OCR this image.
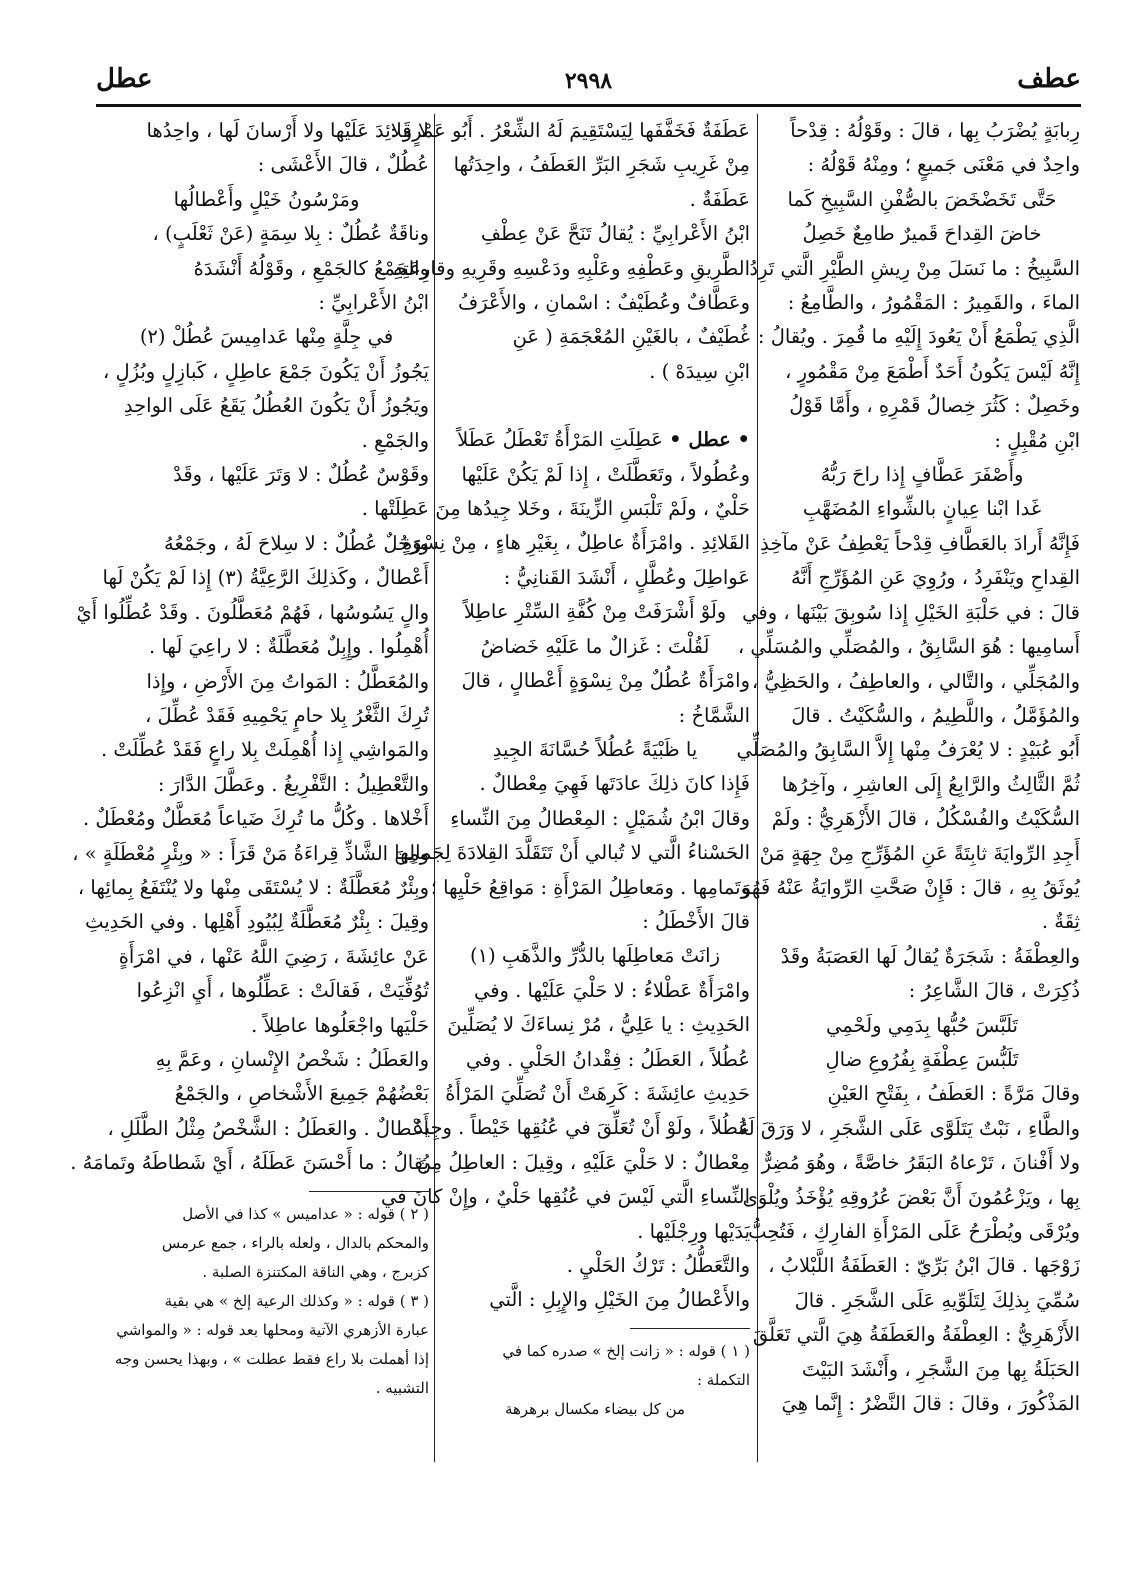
عطف
٢٩٩٨
عطل
رِبابَةٍ يُضْرَبُ بِها ، قالَ : وقَوْلُهُ : قِدْحاً
واحِدٌ في مَعْنَى جَميعٍ ؛ ومِنْهُ قَوْلُهُ :
حَتَّى تَخَضْخَضَ بالصُّفْنِ السَّبِيخِ كَما
خاضَ القِداحَ قَميرٌ طامِعٌ خَصِلُ
السَّبِيخُ : ما نَسَلَ مِنْ رِيشِ الطَّيْرِ الَّتي تَرِدُ
الماءَ ، والقَمِيرُ : المَقْمُورُ ، والطَّامِعُ :
الَّذِي يَطْمَعُ أَنْ يَعُودَ إِلَيْهِ ما قُمِرَ . ويُقالُ :
إِنَّهُ لَيْسَ يَكُونُ أَحَدٌ أَطْمَعَ مِنْ مَقْمُورٍ ،
وخَصِلٌ : كَثُرَ خِصالُ قَمْرِهِ ، وأَمَّا قَوْلُ
ابْنِ مُقْبِلٍ :
وأَصْفَرَ عَطَّافٍ إِذا راحَ رَبُّهُ
غَدا ابْنا عِيانٍ بالشِّواءِ المُضَهَّبِ
فَإِنَّهُ أَرادَ بالعَطَّافِ قِدْحاً يَعْطِفُ عَنْ مآخِذِ
القِداحِ ويَنْفَرِدُ ، ورُوِيَ عَنِ المُؤَرِّجِ أَنَّهُ
قالَ : في حَلْبَةِ الخَيْلِ إِذا سُوبِقَ بَيْنَها ، وفي
أَسامِيها : هُوَ السَّابِقُ ، والمُصَلِّي والمُسَلِّي ،
والمُجَلِّي ، والتَّالي ، والعاطِفُ ، والحَظِيُّ ،
والمُؤَمَّلُ ، واللَّطِيمُ ، والسُّكَيْتُ . قالَ
أَبُو عُبَيْدٍ : لا يُعْرَفُ مِنْها إِلاَّ السَّابِقُ والمُصَلِّي
ثُمَّ الثَّالِثُ والرَّابِعُ إِلَى العاشِرِ ، وآخِرُها
السُّكَيْتُ والفُسْكُلُ ، قالَ الأَزْهَرِيُّ : ولَمْ
أَجِدِ الرِّوايَةَ ثابِتَةً عَنِ المُؤَرِّجِ مِنْ جِهَةٍ مَنْ
يُوثَقُ بِهِ ، قالَ : فَإِنْ صَحَّتِ الرِّوايَةُ عَنْهُ فَهُوَ
ثِقَةٌ .
والعِطْفَةُ : شَجَرَةٌ يُقالُ لَها العَصَبَةُ وقَدْ
ذُكِرَتْ ، قالَ الشَّاعِرُ :
تَلَبَّسَ حُبُّها بِدَمِي ولَحْمِي
تَلَبُّسَ عِطْفَةٍ بِفُرُوعِ ضالِ
وقالَ مَرَّةً : العَطَفُ ، بِفَتْحِ العَيْنِ
والطَّاءِ ، نَبْتٌ يَتَلَوَّى عَلَى الشَّجَرِ ، لا وَرَقَ لَهُ
ولا أَفْنانَ ، تَرْعاهُ البَقَرُ خاصَّةً ، وهُوَ مُضِرٌّ
بِها ، ويَزْعُمُونَ أَنَّ بَعْضَ عُرُوقِهِ يُؤْخَذُ ويُلْوَى
ويُرْقَى ويُطْرَحُ عَلَى المَرْأَةِ الفارِكِ ، فَتُحِبُّ
زَوْجَها . قالَ ابْنُ بَرِّيّ : العَطَفَةُ اللَّبْلابُ ،
سُمِّيَ بِذلِكَ لِتَلَوِّيهِ عَلَى الشَّجَرِ . قالَ
الأَزْهَرِيُّ : العِطْفَةُ والعَطَفَةُ هِيَ الَّتي تَعَلَّقَ
الحَبَلَةُ بِها مِنَ الشَّجَرِ ، وأَنْشَدَ البَيْتَ
المَذْكُورَ ، وقالَ : قالَ النَّضْرُ : إِنَّما هِيَ
عَطَفَةٌ فَخَفَّفَها لِيَسْتَقِيمَ لَهُ الشِّعْرُ . أَبُو عَمْرٍو :
مِنْ غَرِيبِ شَجَرِ البَرِّ العَطَفُ ، واحِدَتُها
عَطَفَةٌ .
ابْنُ الأَعْرابِيِّ : يُقالُ تَنَحَّ عَنْ عِطْفِ
الطَّرِيقِ وعَطْفِهِ وعَلْبِهِ ودَعْسِهِ وقَرِيهِ وقارِعَتِهِ .
وعَطَّافٌ وعُطَيْفٌ : اسْمانِ ، والأَعْرَفُ
غُطَيْفٌ ، بالغَيْنِ المُعْجَمَةِ ( عَنِ
ابْنِ سِيدَهْ ) .
• عطل • عَطِلَتِ المَرْأَةُ تَعْطَلُ عَطَلاً
وعُطُولاً ، وتَعَطَّلَتْ ، إِذا لَمْ يَكُنْ عَلَيْها
حَلْيٌ ، ولَمْ تَلْبَسِ الزِّينَةَ ، وخَلا جِيدُها مِنَ
القَلائِدِ . وامْرَأَةٌ عاطِلٌ ، بِغَيْرِ هاءٍ ، مِنْ نِسْوَةٍ
عَواطِلَ وعُطَّلٍ ، أَنْشَدَ القَنانِيُّ :
ولَوْ أَشْرَفَتْ مِنْ كُفَّةِ السِّتْرِ عاطِلاً
لَقُلْتَ : غَزالٌ ما عَلَيْهِ خَضاضُ
وامْرَأَةٌ عُطُلٌ مِنْ نِسْوَةٍ أَعْطالٍ ، قالَ
الشَّمَّاخُ :
يا ظَبْيَةً عُطُلاً حُسَّانَةَ الجِيدِ
فَإِذا كانَ ذلِكَ عادَتَها فَهِيَ مِعْطالٌ .
وقالَ ابْنُ شُمَيْلٍ : المِعْطالُ مِنَ النِّساءِ
الحَسْناءُ الَّتي لا تُبالي أَنْ تَتَقَلَّدَ القِلادَةَ لِجَمالِها
وتَمامِها . ومَعاطِلُ المَرْأَةِ : مَواقِعُ حَلْيِها ؛
قالَ الأَخْطَلُ :
زانَتْ مَعاطِلَها بالدُّرِّ والذَّهَبِ (١)
وامْرَأَةٌ عَطْلاءُ : لا حَلْيَ عَلَيْها . وفي
الحَدِيثِ : يا عَلِيُّ ، مُرْ نِساءَكَ لا يُصَلِّينَ
عُطُلاً ، العَطَلُ : فِقْدانُ الحَلْيِ . وفي
حَدِيثِ عائِشَةَ : كَرِهَتْ أَنْ تُصَلِّيَ المَرْأَةُ
عُطُلاً ، ولَوْ أَنْ تُعَلِّقَ في عُنُقِها خَيْطاً . وجِيدٌ
مِعْطالٌ : لا حَلْيَ عَلَيْهِ ، وقِيلَ : العاطِلُ مِنَ
النِّساءِ الَّتي لَيْسَ في عُنُقِها حَلْيٌ ، وإِنْ كانَ في
يَدَيْها ورِجْلَيْها .
والتَّعَطُّلُ : تَرْكُ الحَلْيِ .
والأَعْطالُ مِنَ الخَيْلِ والإِبِلِ : الَّتي
( ١ ) قوله : « زانت إلخ » صدره كما في
التكملة :
من كل بيضاء مكسال برهرهة
لا قَلائِدَ عَلَيْها ولا أَرْسانَ لَها ، واحِدُها
عُطُلٌ ، قالَ الأَعْشَى :
ومَرْسُونُ خَيْلٍ وأَعْطالُها
وناقَةٌ عُطُلٌ : بِلا سِمَةٍ (عَنْ ثَعْلَبٍ) ،
والجَمْعُ كالجَمْعِ ، وقَوْلُهُ أَنْشَدَهُ
ابْنُ الأَعْرابِيِّ :
في جِلَّةٍ مِنْها عَدامِيسَ عُطُلْ (٢)
يَجُوزُ أَنْ يَكُونَ جَمْعَ عاطِلٍ ، كَبازِلٍ وبُزُلٍ ،
ويَجُوزُ أَنْ يَكُونَ العُطُلُ يَقَعُ عَلَى الواحِدِ
والجَمْعِ .
وقَوْسٌ عُطُلٌ : لا وَتَرَ عَلَيْها ، وقَدْ
عَطِلَتْها .
ورَجُلٌ عُطُلٌ : لا سِلاحَ لَهُ ، وجَمْعُهُ
أَعْطالٌ ، وكَذلِكَ الرَّعِيَّةُ (٣) إِذا لَمْ يَكُنْ لَها
والٍ يَسُوسُها ، فَهُمْ مُعَطَّلُونَ . وقَدْ عُطِّلُوا أَيْ
أُهْمِلُوا . وإِبِلٌ مُعَطَّلَةٌ : لا راعِيَ لَها .
والمُعَطَّلُ : المَواتُ مِنَ الأَرْضِ ، وإِذا
تُرِكَ الثَّغْرُ بِلا حامٍ يَحْمِيهِ فَقَدْ عُطِّلَ ،
والمَواشِي إِذا أُهْمِلَتْ بِلا راعٍ فَقَدْ عُطِّلَتْ .
والتَّعْطِيلُ : التَّفْرِيغُ . وعَطَّلَ الدَّارَ :
أَخْلاها . وكُلُّ ما تُرِكَ ضَياعاً مُعَطَّلٌ ومُعْطَلٌ .
ومِنَ الشَّاذِّ قِراءَةُ مَنْ قَرَأَ : « وبِئْرٍ مُعْطَلَةٍ » ،
وبِئْرٌ مُعَطَّلَةٌ : لا يُسْتَقَى مِنْها ولا يُنْتَفَعُ بِمائِها ،
وقِيلَ : بِئْرٌ مُعَطَّلَةٌ لِبُيُودِ أَهْلِها . وفي الحَدِيثِ
عَنْ عائِشَةَ ، رَضِيَ اللَّهُ عَنْها ، في امْرَأَةٍ
تُوُفِّيَتْ ، فَقالَتْ : عَطِّلُوها ، أَيِ انْزِعُوا
حَلْيَها واجْعَلُوها عاطِلاً .
والعَطَلُ : شَخْصُ الإِنْسانِ ، وعَمَّ بِهِ
بَعْضُهُمْ جَمِيعَ الأَشْخاصِ ، والجَمْعُ
أَعْطالٌ . والعَطَلُ : الشَّخْصُ مِثْلُ الطَّلَلِ ،
يُقالُ : ما أَحْسَنَ عَطَلَهُ ، أَيْ شَطاطَهُ وتَمامَهُ .
( ٢ ) قوله : « عداميس » كذا في الأصل
والمحكم بالدال ، ولعله بالراء ، جمع عرمس
كزبرج ، وهي الناقة المكتنزة الصلبة .
( ٣ ) قوله : « وكذلك الرعية إلخ » هي بقية
عبارة الأزهري الآتية ومحلها بعد قوله : « والمواشي
إذا أهملت بلا راع فقط عطلت » ، وبهذا يحسن وجه
التشبيه .
